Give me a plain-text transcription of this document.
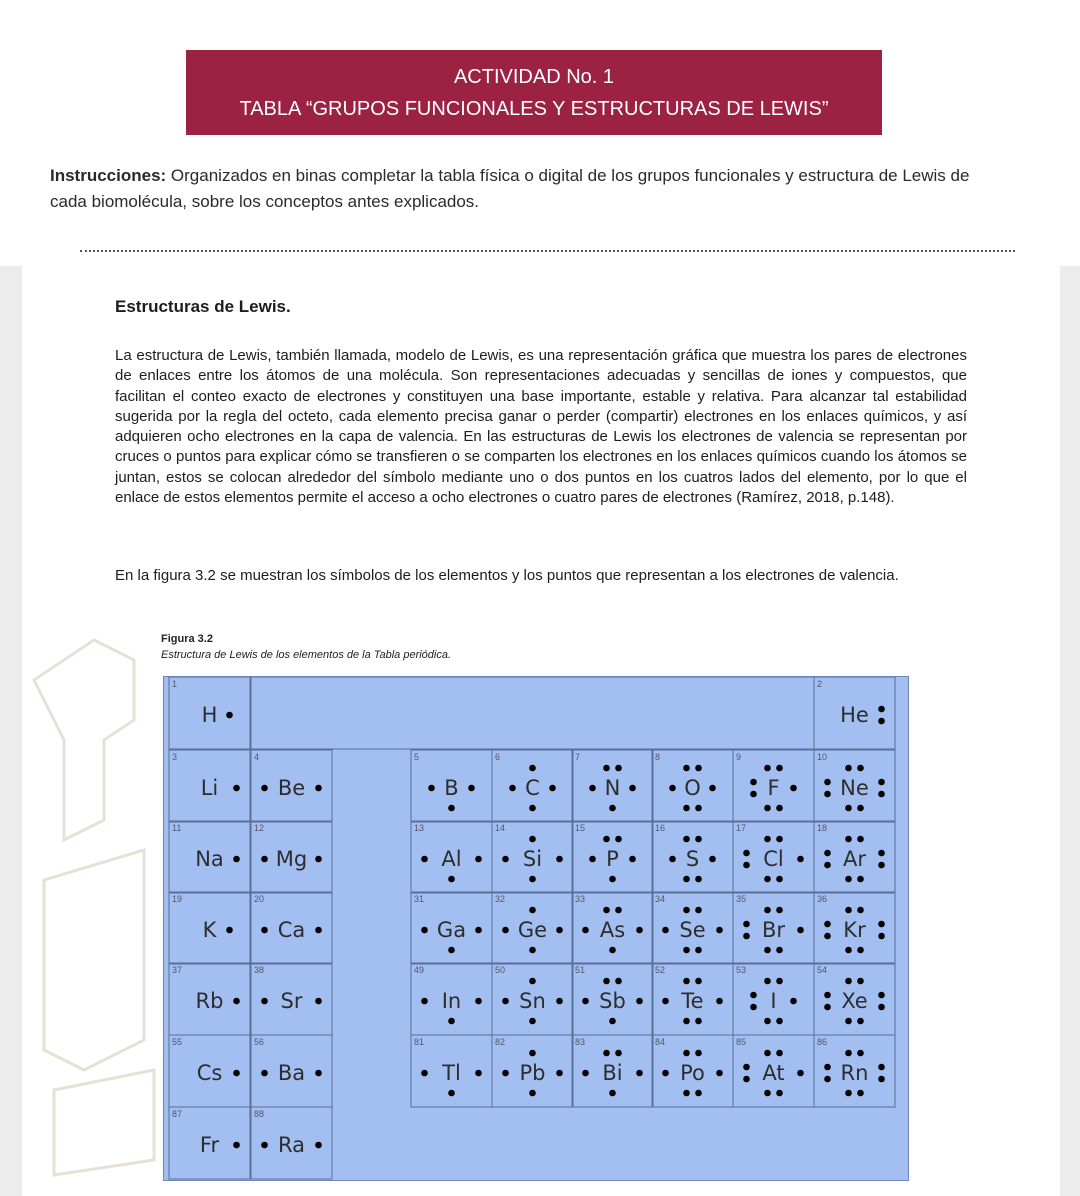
ACTIVIDAD No. 1
TABLA “GRUPOS FUNCIONALES Y ESTRUCTURAS DE LEWIS”
Instrucciones: Organizados en binas completar la tabla física o digital de los grupos funcionales y estructura de Lewis de cada biomolécula, sobre los conceptos antes explicados.
Estructuras de Lewis.
La estructura de Lewis, también llamada, modelo de Lewis, es una representación gráfica que muestra los pares de electrones de enlaces entre los átomos de una molécula. Son representaciones adecuadas y sencillas de iones y compuestos, que facilitan el conteo exacto de electrones y constituyen una base importante, estable y relativa. Para alcanzar tal estabilidad sugerida por la regla del octeto, cada elemento precisa ganar o perder (compartir) electrones en los enlaces químicos, y así adquieren ocho electrones en la capa de valencia. En las estructuras de Lewis los electrones de valencia se representan por cruces o puntos para explicar cómo se transfieren o se comparten los electrones en los enlaces químicos cuando los átomos se juntan, estos se colocan alrededor del símbolo mediante uno o dos puntos en los cuatros lados del elemento, por lo que el enlace de estos elementos permite el acceso a ocho electrones o cuatro pares de electrones (Ramírez, 2018, p.148).
En la figura 3.2 se muestran los símbolos de los elementos y los puntos que representan a los electrones de valencia.
Figura 3.2
Estructura de Lewis de los elementos de la Tabla periódica.
1
H
2
He
3
Li
4
Be
5
B
6
C
7
N
8
O
9
F
10
Ne
11
Na
12
Mg
13
Al
14
Si
15
P
16
S
17
Cl
18
Ar
19
K
20
Ca
31
Ga
32
Ge
33
As
34
Se
35
Br
36
Kr
37
Rb
38
Sr
49
In
50
Sn
51
Sb
52
Te
53
I
54
Xe
55
Cs
56
Ba
81
Tl
82
Pb
83
Bi
84
Po
85
At
86
Rn
87
Fr
88
Ra
